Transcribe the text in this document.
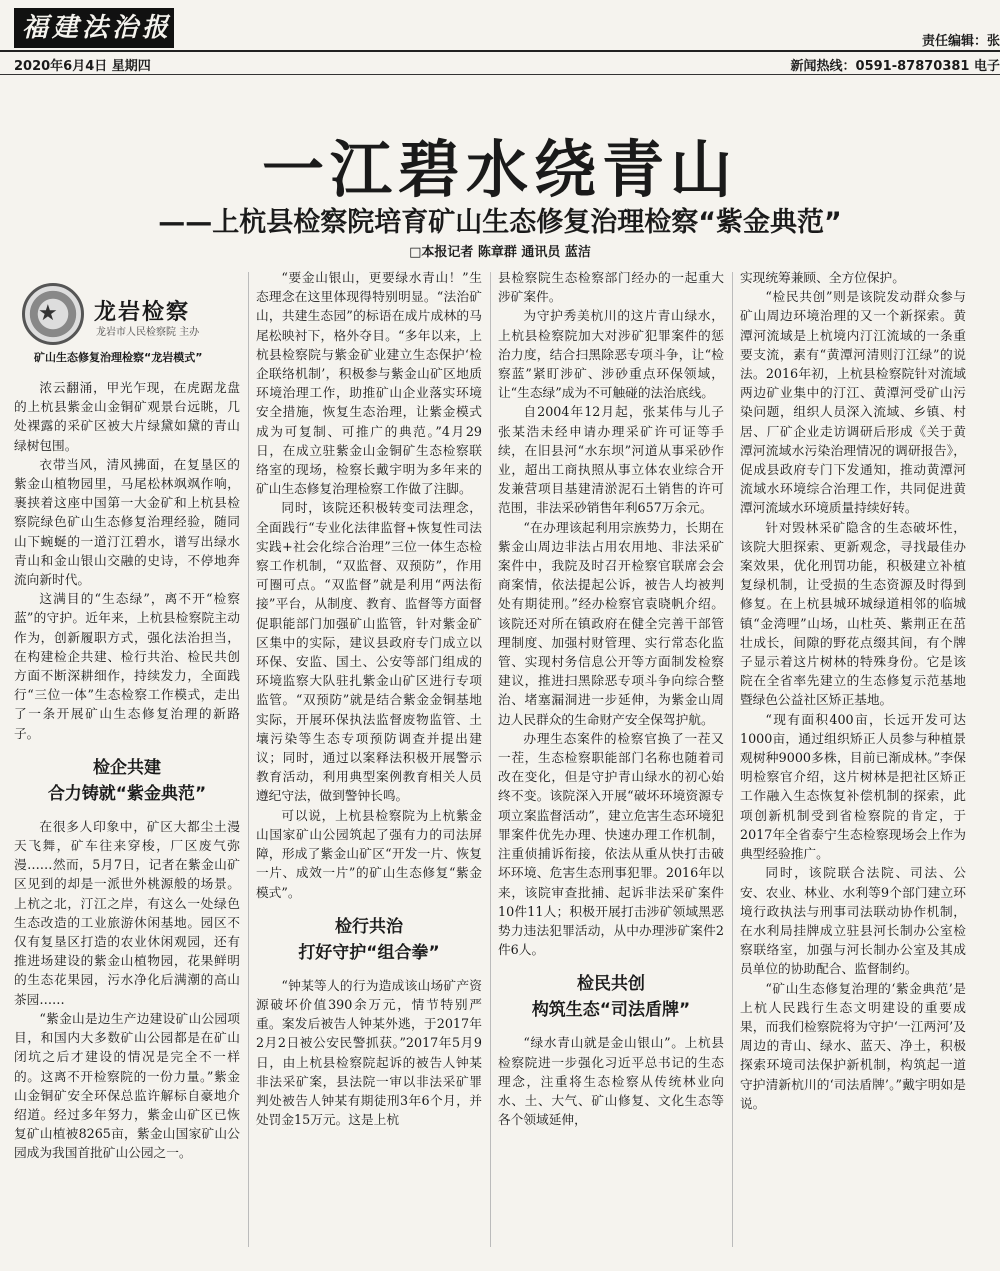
福建法治报	责任编辑：张
2020年6月4日 星期四	新闻热线：0591-87870381 电子
一江碧水绕青山
——上杭县检察院培育矿山生态修复治理检察“紫金典范”
□本报记者 陈章群 通讯员 蓝洁
★ 龙岩检察
龙岩市人民检察院 主办
矿山生态修复治理检察“龙岩模式”

浓云翻涌，甲光乍现，在虎踞龙盘的上杭县紫金山金铜矿观景台远眺，几处裸露的采矿区被大片绿黛如黛的青山绿树包围。

衣带当风，清风拂面，在复垦区的紫金山植物园里，马尾松林飒飒作响，裹挟着这座中国第一大金矿和上杭县检察院绿色矿山生态修复治理经验，随同山下蜿蜒的一道汀江碧水，谱写出绿水青山和金山银山交融的史诗，不停地奔流向新时代。

这满目的“生态绿”，离不开“检察蓝”的守护。近年来，上杭县检察院主动作为，创新履职方式，强化法治担当，在构建检企共建、检行共治、检民共创方面不断深耕细作，持续发力，全面践行“三位一体”生态检察工作模式，走出了一条开展矿山生态修复治理的新路子。

检企共建
合力铸就“紫金典范”

在很多人印象中，矿区大都尘土漫天飞舞，矿车往来穿梭，厂区废气弥漫……然而，5月7日，记者在紫金山矿区见到的却是一派世外桃源般的场景。上杭之北，汀江之岸，有这么一处绿色生态改造的工业旅游休闲基地。园区不仅有复垦区打造的农业休闲观园，还有推进场建设的紫金山植物园，花果鲜明的生态花果园，污水净化后满潮的高山茶园……

“紫金山是边生产边建设矿山公园项目，和国内大多数矿山公园都是在矿山闭坑之后才建设的情况是完全不一样的。这离不开检察院的一份力量。”紫金山金铜矿安全环保总监许解标自豪地介绍道。经过多年努力，紫金山矿区已恢复矿山植被8265亩，紫金山国家矿山公园成为我国首批矿山公园之一。

“要金山银山，更要绿水青山！”生态理念在这里体现得特别明显。“法治矿山，共建生态园”的标语在成片成林的马尾松映衬下，格外夺目。“多年以来，上杭县检察院与紫金矿业建立生态保护‘检企联络机制’，积极参与紫金山矿区地质环境治理工作，助推矿山企业落实环境安全措施，恢复生态治理，让紫金模式成为可复制、可推广的典范。”4月29日，在成立驻紫金山金铜矿生态检察联络室的现场，检察长戴宇明为多年来的矿山生态修复治理检察工作做了注脚。

同时，该院还积极转变司法理念，全面践行“专业化法律监督+恢复性司法实践+社会化综合治理”三位一体生态检察工作机制，“双监督、双预防”，作用可圈可点。“双监督”就是利用“两法衔接”平台，从制度、教育、监督等方面督促职能部门加强矿山监管，针对紫金矿区集中的实际，建议县政府专门成立以环保、安监、国土、公安等部门组成的环境监察大队驻扎紫金山矿区进行专项监管。“双预防”就是结合紫金金铜基地实际，开展环保执法监督废物监管、土壤污染等生态专项预防调查并提出建议；同时，通过以案释法积极开展警示教育活动，利用典型案例教育相关人员遵纪守法，做到警钟长鸣。

可以说，上杭县检察院为上杭紫金山国家矿山公园筑起了强有力的司法屏障，形成了紫金山矿区“开发一片、恢复一片、成效一片”的矿山生态修复“紫金模式”。

检行共治
打好守护“组合拳”

“钟某等人的行为造成该山场矿产资源破坏价值390余万元，情节特别严重。案发后被告人钟某外逃，于2017年2月2日被公安民警抓获。”2017年5月9日，由上杭县检察院起诉的被告人钟某非法采矿案，县法院一审以非法采矿罪判处被告人钟某有期徒刑3年6个月，并处罚金15万元。这是上杭

县检察院生态检察部门经办的一起重大涉矿案件。

为守护秀美杭川的这片青山绿水，上杭县检察院加大对涉矿犯罪案件的惩治力度，结合扫黑除恶专项斗争，让“检察蓝”紧盯涉矿、涉砂重点环保领域，让“生态绿”成为不可触碰的法治底线。

自2004年12月起，张某伟与儿子张某浩未经申请办理采矿许可证等手续，在旧县河“水东坝”河道从事采砂作业，超出工商执照从事立体农业综合开发兼营项目基建清淤泥石土销售的许可范围，非法采砂销售年利657万余元。

“在办理该起利用宗族势力，长期在紫金山周边非法占用农用地、非法采矿案件中，我院及时召开检察官联席会会商案情，依法提起公诉，被告人均被判处有期徒刑。”经办检察官袁晓帆介绍。该院还对所在镇政府在健全完善干部管理制度、加强村财管理、实行常态化监管、实现村务信息公开等方面制发检察建议，推进扫黑除恶专项斗争向综合整治、堵塞漏洞进一步延伸，为紫金山周边人民群众的生命财产安全保驾护航。

办理生态案件的检察官换了一茬又一茬，生态检察职能部门名称也随着司改在变化，但是守护青山绿水的初心始终不变。该院深入开展“破坏环境资源专项立案监督活动”，建立危害生态环境犯罪案件优先办理、快速办理工作机制，注重侦捕诉衔接，依法从重从快打击破坏环境、危害生态刑事犯罪。2016年以来，该院审查批捕、起诉非法采矿案件10件11人；积极开展打击涉矿领域黑恶势力违法犯罪活动，从中办理涉矿案件2件6人。

检民共创
构筑生态“司法盾牌”

“绿水青山就是金山银山”。上杭县检察院进一步强化习近平总书记的生态理念，注重将生态检察从传统林业向水、土、大气、矿山修复、文化生态等各个领域延伸，

实现统筹兼顾、全方位保护。

“检民共创”则是该院发动群众参与矿山周边环境治理的又一个新探索。黄潭河流域是上杭境内汀江流域的一条重要支流，素有“黄潭河清则汀江绿”的说法。2016年初，上杭县检察院针对流域两边矿业集中的汀江、黄潭河受矿山污染问题，组织人员深入流域、乡镇、村居、厂矿企业走访调研后形成《关于黄潭河流域水污染治理情况的调研报告》，促成县政府专门下发通知，推动黄潭河流域水环境综合治理工作，共同促进黄潭河流域水环境质量持续好转。

针对毁林采矿隐含的生态破坏性，该院大胆探索、更新观念，寻找最佳办案效果，优化刑罚功能，积极建立补植复绿机制，让受损的生态资源及时得到修复。在上杭县城环城绿道相邻的临城镇“金湾哩”山场，山杜英、紫荆正在茁壮成长，间隙的野花点缀其间，有个牌子显示着这片树林的特殊身份。它是该院在全省率先建立的生态修复示范基地暨绿色公益社区矫正基地。

“现有面积400亩，长远开发可达1000亩，通过组织矫正人员参与种植景观树种9000多株，目前已渐成林。”李保明检察官介绍，这片树林是把社区矫正工作融入生态恢复补偿机制的探索，此项创新机制受到省检察院的肯定，于2017年全省泰宁生态检察现场会上作为典型经验推广。

同时，该院联合法院、司法、公安、农业、林业、水利等9个部门建立环境行政执法与刑事司法联动协作机制，在水利局挂牌成立驻县河长制办公室检察联络室，加强与河长制办公室及其成员单位的协助配合、监督制约。

“矿山生态修复治理的‘紫金典范’是上杭人民践行生态文明建设的重要成果，而我们检察院将为守护‘一江两河’及周边的青山、绿水、蓝天、净土，积极探索环境司法保护新机制，构筑起一道守护清新杭川的‘司法盾牌’。”戴宇明如是说。
